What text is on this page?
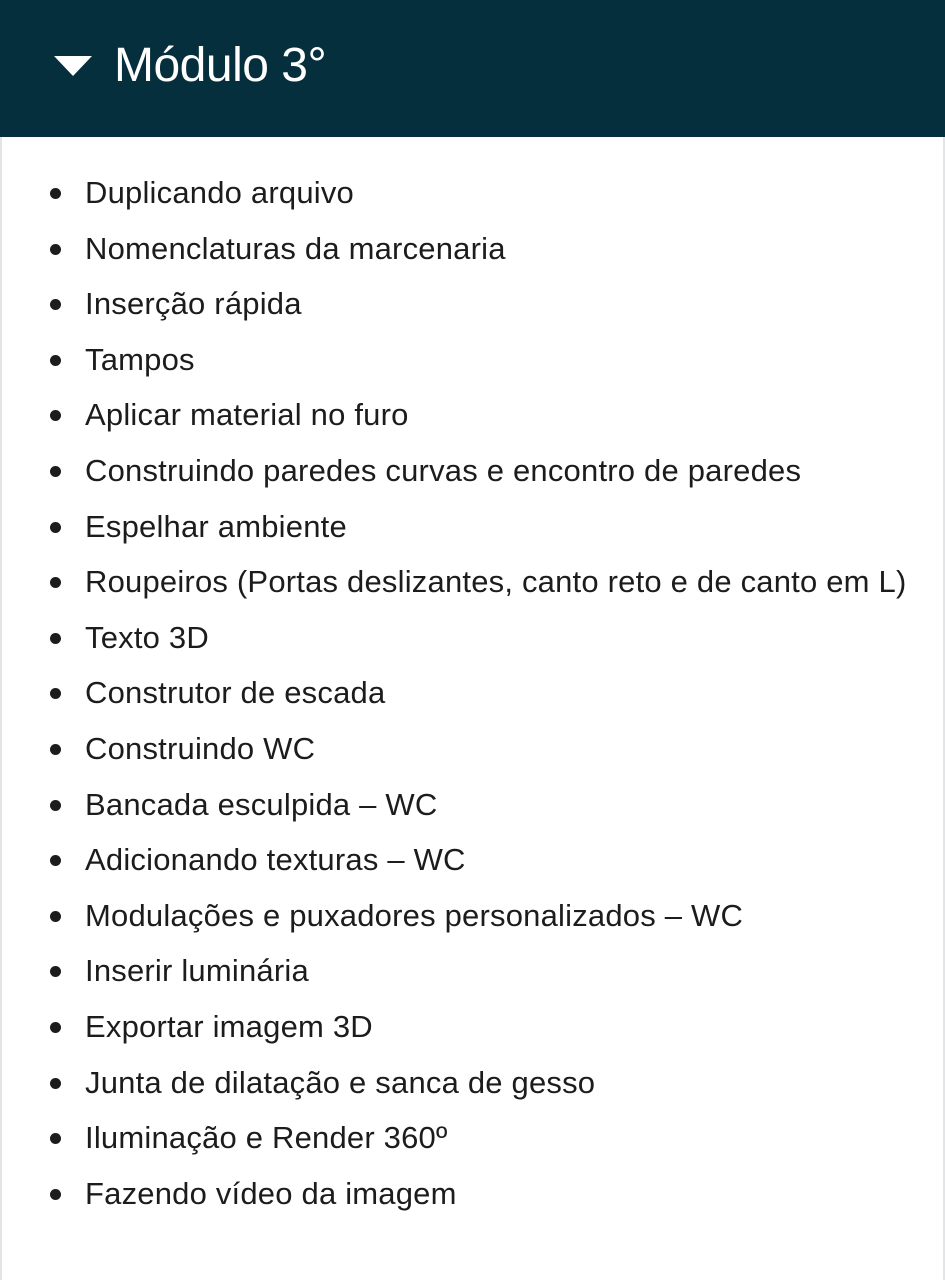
Módulo 3°
Duplicando arquivo
Nomenclaturas da marcenaria
Inserção rápida
Tampos
Aplicar material no furo
Construindo paredes curvas e encontro de paredes
Espelhar ambiente
Roupeiros (Portas deslizantes, canto reto e de canto em L)
Texto 3D
Construtor de escada
Construindo WC
Bancada esculpida – WC
Adicionando texturas – WC
Modulações e puxadores personalizados – WC
Inserir luminária
Exportar imagem 3D
Junta de dilatação e sanca de gesso
Iluminação e Render 360º
Fazendo vídeo da imagem
